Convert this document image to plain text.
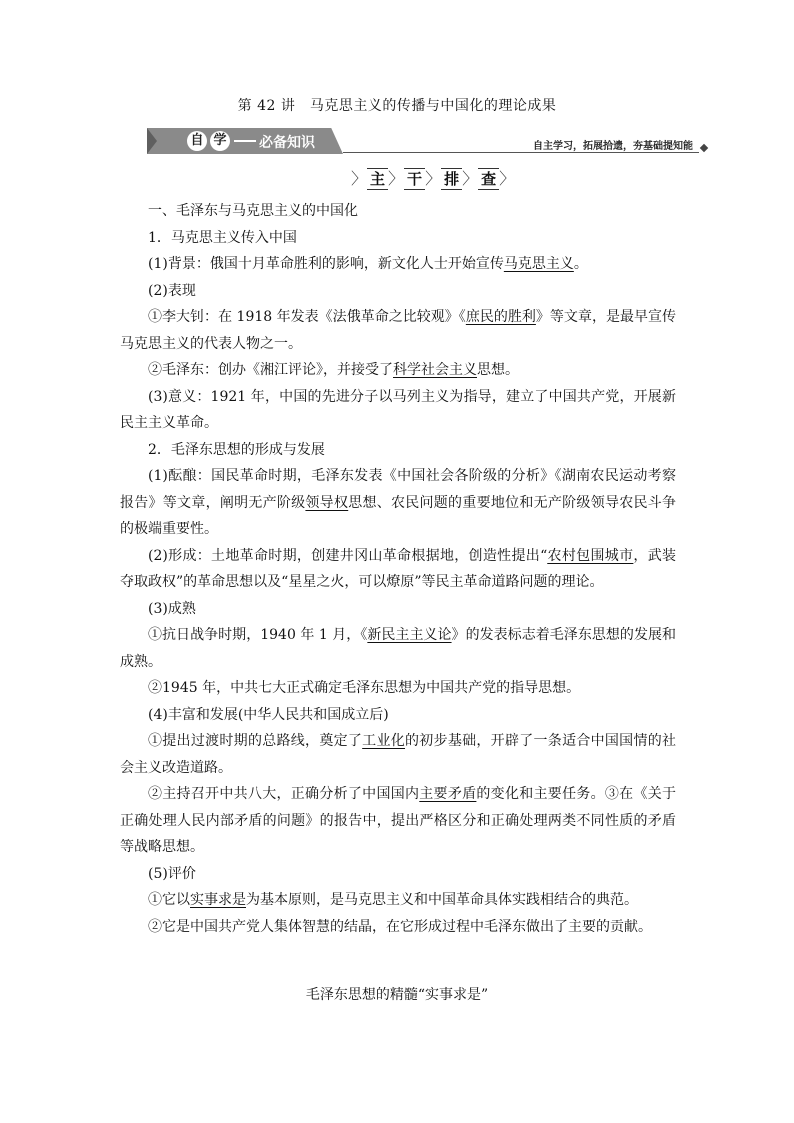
第 42 讲　马克思主义的传播与中国化的理论成果
自 学 必备知识	自主学习，拓展拾遗，夯基础提知能
〉 主 〉 干 〉 排 〉 查 〉

一、毛泽东与马克思主义的中国化

1．马克思主义传入中国

(1)背景：俄国十月革命胜利的影响，新文化人士开始宣传马克思主义。

(2)表现

①李大钊：在 1918 年发表《法俄革命之比较观》《庶民的胜利》等文章，是最早宣传马克思主义的代表人物之一。

②毛泽东：创办《湘江评论》，并接受了科学社会主义思想。

(3)意义：1921 年，中国的先进分子以马列主义为指导，建立了中国共产党，开展新民主主义革命。

2．毛泽东思想的形成与发展

(1)酝酿：国民革命时期，毛泽东发表《中国社会各阶级的分析》《湖南农民运动考察报告》等文章，阐明无产阶级领导权思想、农民问题的重要地位和无产阶级领导农民斗争的极端重要性。

(2)形成：土地革命时期，创建井冈山革命根据地，创造性提出“农村包围城市，武装夺取政权”的革命思想以及“星星之火，可以燎原”等民主革命道路问题的理论。

(3)成熟

①抗日战争时期，1940 年 1 月，《新民主主义论》的发表标志着毛泽东思想的发展和成熟。

②1945 年，中共七大正式确定毛泽东思想为中国共产党的指导思想。

(4)丰富和发展(中华人民共和国成立后)

①提出过渡时期的总路线，奠定了工业化的初步基础，开辟了一条适合中国国情的社会主义改造道路。

②主持召开中共八大，正确分析了中国国内主要矛盾的变化和主要任务。③在《关于正确处理人民内部矛盾的问题》的报告中，提出严格区分和正确处理两类不同性质的矛盾等战略思想。

(5)评价

①它以实事求是为基本原则，是马克思主义和中国革命具体实践相结合的典范。

②它是中国共产党人集体智慧的结晶，在它形成过程中毛泽东做出了主要的贡献。

毛泽东思想的精髓“实事求是”
